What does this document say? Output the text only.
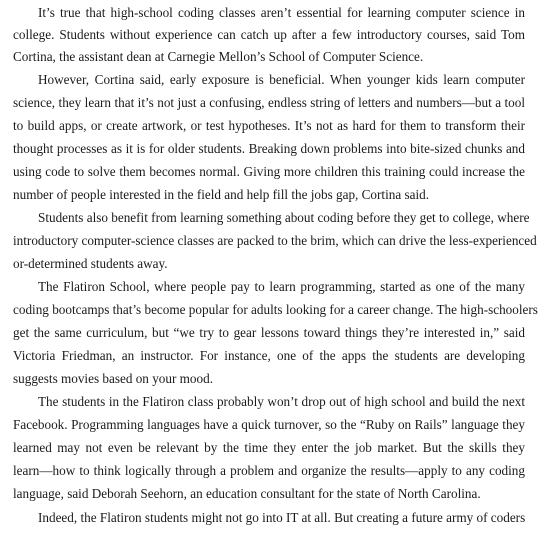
It’s true that high-school coding classes aren’t essential for learning computer science in
college. Students without experience can catch up after a few introductory courses, said Tom
Cortina, the assistant dean at Carnegie Mellon’s School of Computer Science.
However, Cortina said, early exposure is beneficial. When younger kids learn computer
science, they learn that it’s not just a confusing, endless string of letters and numbers—but a tool
to build apps, or create artwork, or test hypotheses. It’s not as hard for them to transform their
thought processes as it is for older students. Breaking down problems into bite-sized chunks and
using code to solve them becomes normal. Giving more children this training could increase the
number of people interested in the field and help fill the jobs gap, Cortina said.
Students also benefit from learning something about coding before they get to college, where
introductory computer-science classes are packed to the brim, which can drive the less-experienced
or-determined students away.
The Flatiron School, where people pay to learn programming, started as one of the many
coding bootcamps that’s become popular for adults looking for a career change. The high-schoolers
get the same curriculum, but “we try to gear lessons toward things they’re interested in,” said
Victoria Friedman, an instructor. For instance, one of the apps the students are developing
suggests movies based on your mood.
The students in the Flatiron class probably won’t drop out of high school and build the next
Facebook. Programming languages have a quick turnover, so the “Ruby on Rails” language they
learned may not even be relevant by the time they enter the job market. But the skills they
learn—how to think logically through a problem and organize the results—apply to any coding
language, said Deborah Seehorn, an education consultant for the state of North Carolina.
Indeed, the Flatiron students might not go into IT at all. But creating a future army of coders
